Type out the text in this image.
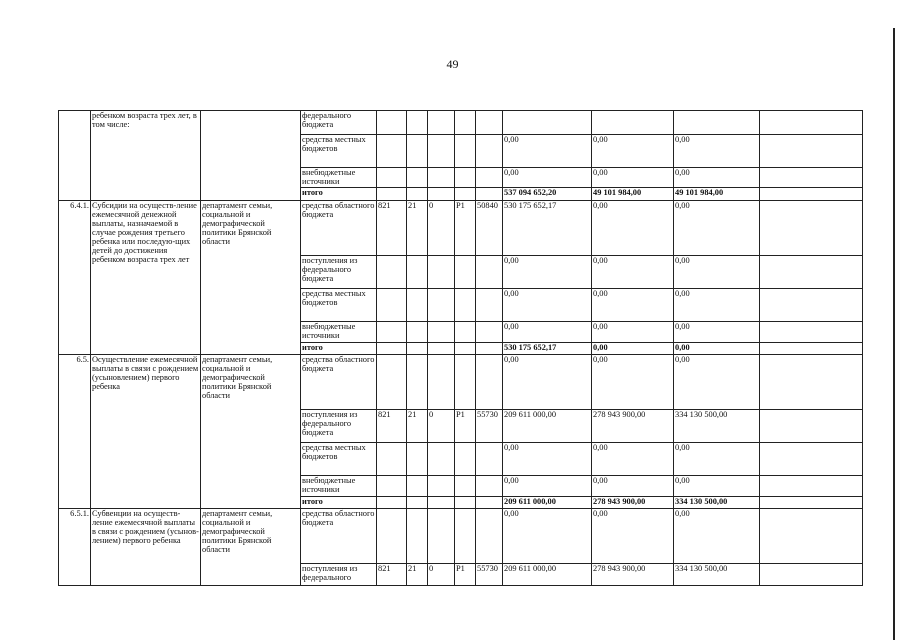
49
	ребенком возраста трех лет, в том числе:		федерального бюджета									
			средства местных бюджетов						0,00	0,00	0,00	
			внебюджетные источники						0,00	0,00	0,00	
			итого						537 094 652,20	49 101 984,00	49 101 984,00	
6.4.1.	Субсидии на осуществ-ление ежемесячной денежной выплаты, назначаемой в случае рождения третьего ребенка или последую-щих детей до достижения ребенком возраста трех лет	департамент семьи, социальной и демографической политики Брянской области	средства областного бюджета	821	21	0	P1	50840	530 175 652,17	0,00	0,00	
			поступления из федерального бюджета						0,00	0,00	0,00	
			средства местных бюджетов						0,00	0,00	0,00	
			внебюджетные источники						0,00	0,00	0,00	
			итого						530 175 652,17	0,00	0,00	
6.5.	Осуществление ежемесячной выплаты в связи с рождением (усыновлением) первого ребенка	департамент семьи, социальной и демографической политики Брянской области	средства областного бюджета						0,00	0,00	0,00	
			поступления из федерального бюджета	821	21	0	P1	55730	209 611 000,00	278 943 900,00	334 130 500,00	
			средства местных бюджетов						0,00	0,00	0,00	
			внебюджетные источники						0,00	0,00	0,00	
			итого						209 611 000,00	278 943 900,00	334 130 500,00	
6.5.1.	Субвенции на осуществ-ление ежемесячной выплаты в связи с рождением (усынов-лением) первого ребенка	департамент семьи, социальной и демографической политики Брянской области	средства областного бюджета						0,00	0,00	0,00	
			поступления из федерального	821	21	0	P1	55730	209 611 000,00	278 943 900,00	334 130 500,00	
